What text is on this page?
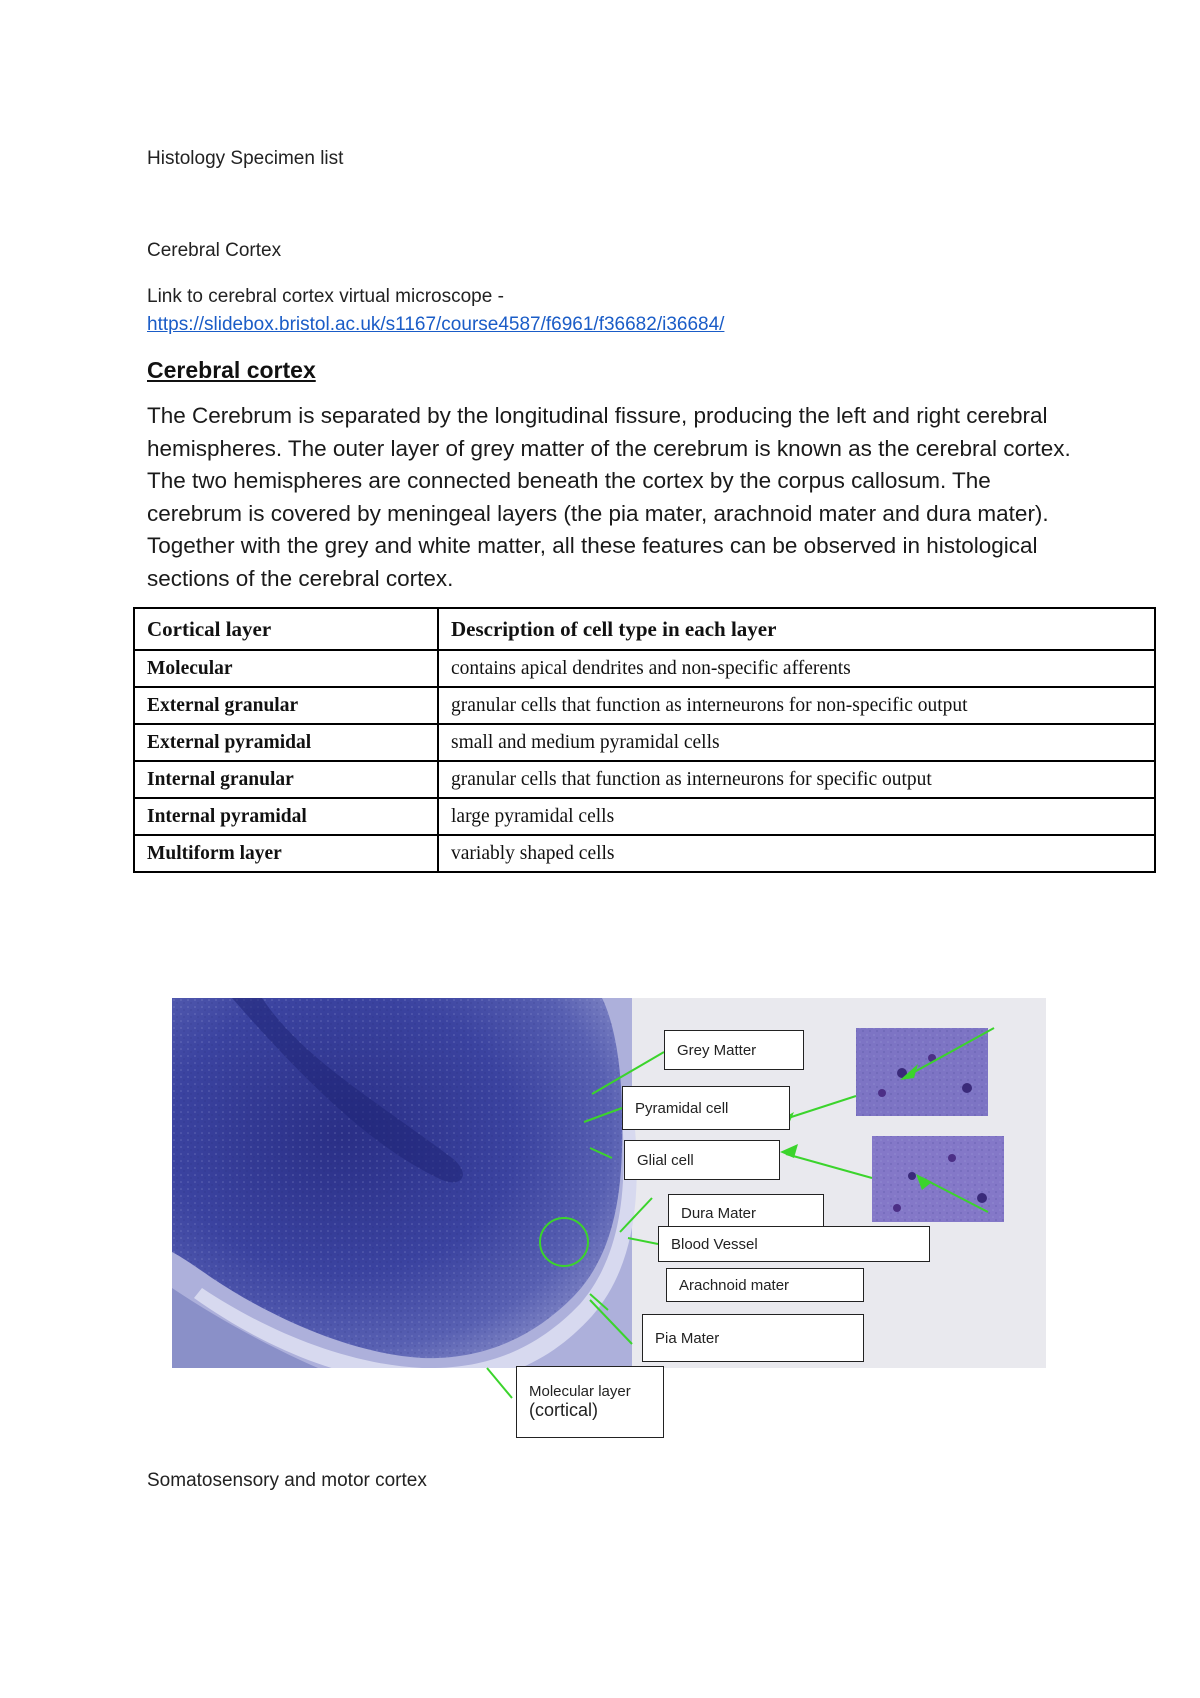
Histology Specimen list
Cerebral Cortex
Link to cerebral cortex virtual microscope -
https://slidebox.bristol.ac.uk/s1167/course4587/f6961/f36682/i36684/
Cerebral cortex
The Cerebrum is separated by the longitudinal fissure, producing the left and right cerebral hemispheres. The outer layer of grey matter of the cerebrum is known as the cerebral cortex. The two hemispheres are connected beneath the cortex by the corpus callosum. The cerebrum is covered by meningeal layers (the pia mater, arachnoid mater and dura mater). Together with the grey and white matter, all these features can be observed in histological sections of the cerebral cortex.
Cortical layer	Description of cell type in each layer
Molecular	contains apical dendrites and non-specific afferents
External granular	granular cells that function as interneurons for non-specific output
External pyramidal	small and medium pyramidal cells
Internal granular	granular cells that function as interneurons for specific output
Internal pyramidal	large pyramidal cells
Multiform layer	variably shaped cells
Grey Matter
Pyramidal cell
Glial cell
Dura Mater
Blood Vessel
Arachnoid mater
Pia Mater
Molecular layer
(cortical)
Somatosensory and motor cortex
